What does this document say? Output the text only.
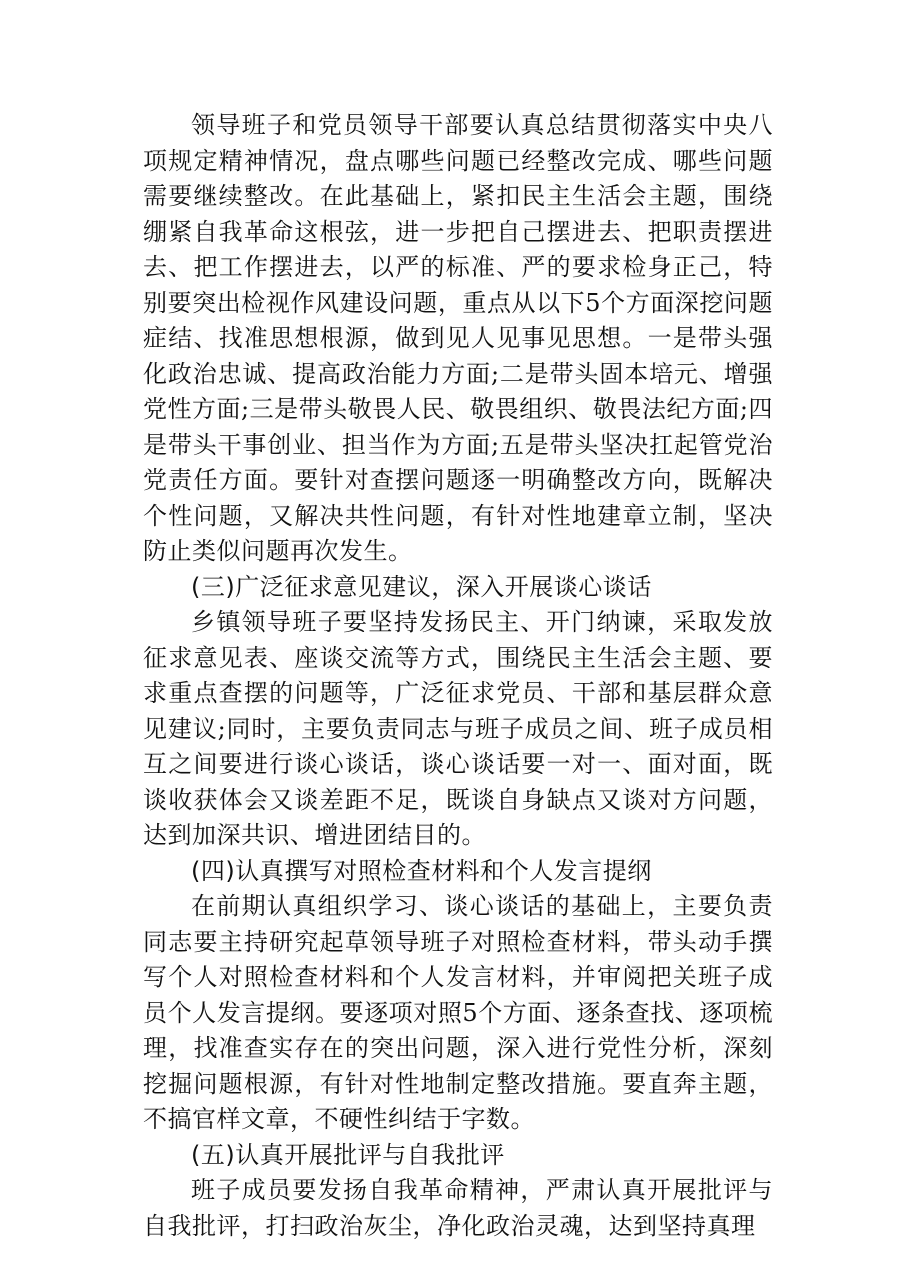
领导班子和党员领导干部要认真总结贯彻落实中央八项规定精神情况，盘点哪些问题已经整改完成、哪些问题需要继续整改。在此基础上，紧扣民主生活会主题，围绕绷紧自我革命这根弦，进一步把自己摆进去、把职责摆进去、把工作摆进去，以严的标准、严的要求检身正己，特别要突出检视作风建设问题，重点从以下5个方面深挖问题症结、找准思想根源，做到见人见事见思想。一是带头强化政治忠诚、提高政治能力方面;二是带头固本培元、增强党性方面;三是带头敬畏人民、敬畏组织、敬畏法纪方面;四是带头干事创业、担当作为方面;五是带头坚决扛起管党治党责任方面。要针对查摆问题逐一明确整改方向，既解决个性问题，又解决共性问题，有针对性地建章立制，坚决防止类似问题再次发生。

(三)广泛征求意见建议，深入开展谈心谈话

乡镇领导班子要坚持发扬民主、开门纳谏，采取发放征求意见表、座谈交流等方式，围绕民主生活会主题、要求重点查摆的问题等，广泛征求党员、干部和基层群众意见建议;同时，主要负责同志与班子成员之间、班子成员相互之间要进行谈心谈话，谈心谈话要一对一、面对面，既谈收获体会又谈差距不足，既谈自身缺点又谈对方问题，达到加深共识、增进团结目的。

(四)认真撰写对照检查材料和个人发言提纲

在前期认真组织学习、谈心谈话的基础上，主要负责同志要主持研究起草领导班子对照检查材料，带头动手撰写个人对照检查材料和个人发言材料，并审阅把关班子成员个人发言提纲。要逐项对照5个方面、逐条查找、逐项梳理，找准查实存在的突出问题，深入进行党性分析，深刻挖掘问题根源，有针对性地制定整改措施。要直奔主题，不搞官样文章，不硬性纠结于字数。

(五)认真开展批评与自我批评

班子成员要发扬自我革命精神，严肃认真开展批评与自我批评，打扫政治灰尘，净化政治灵魂，达到坚持真理
